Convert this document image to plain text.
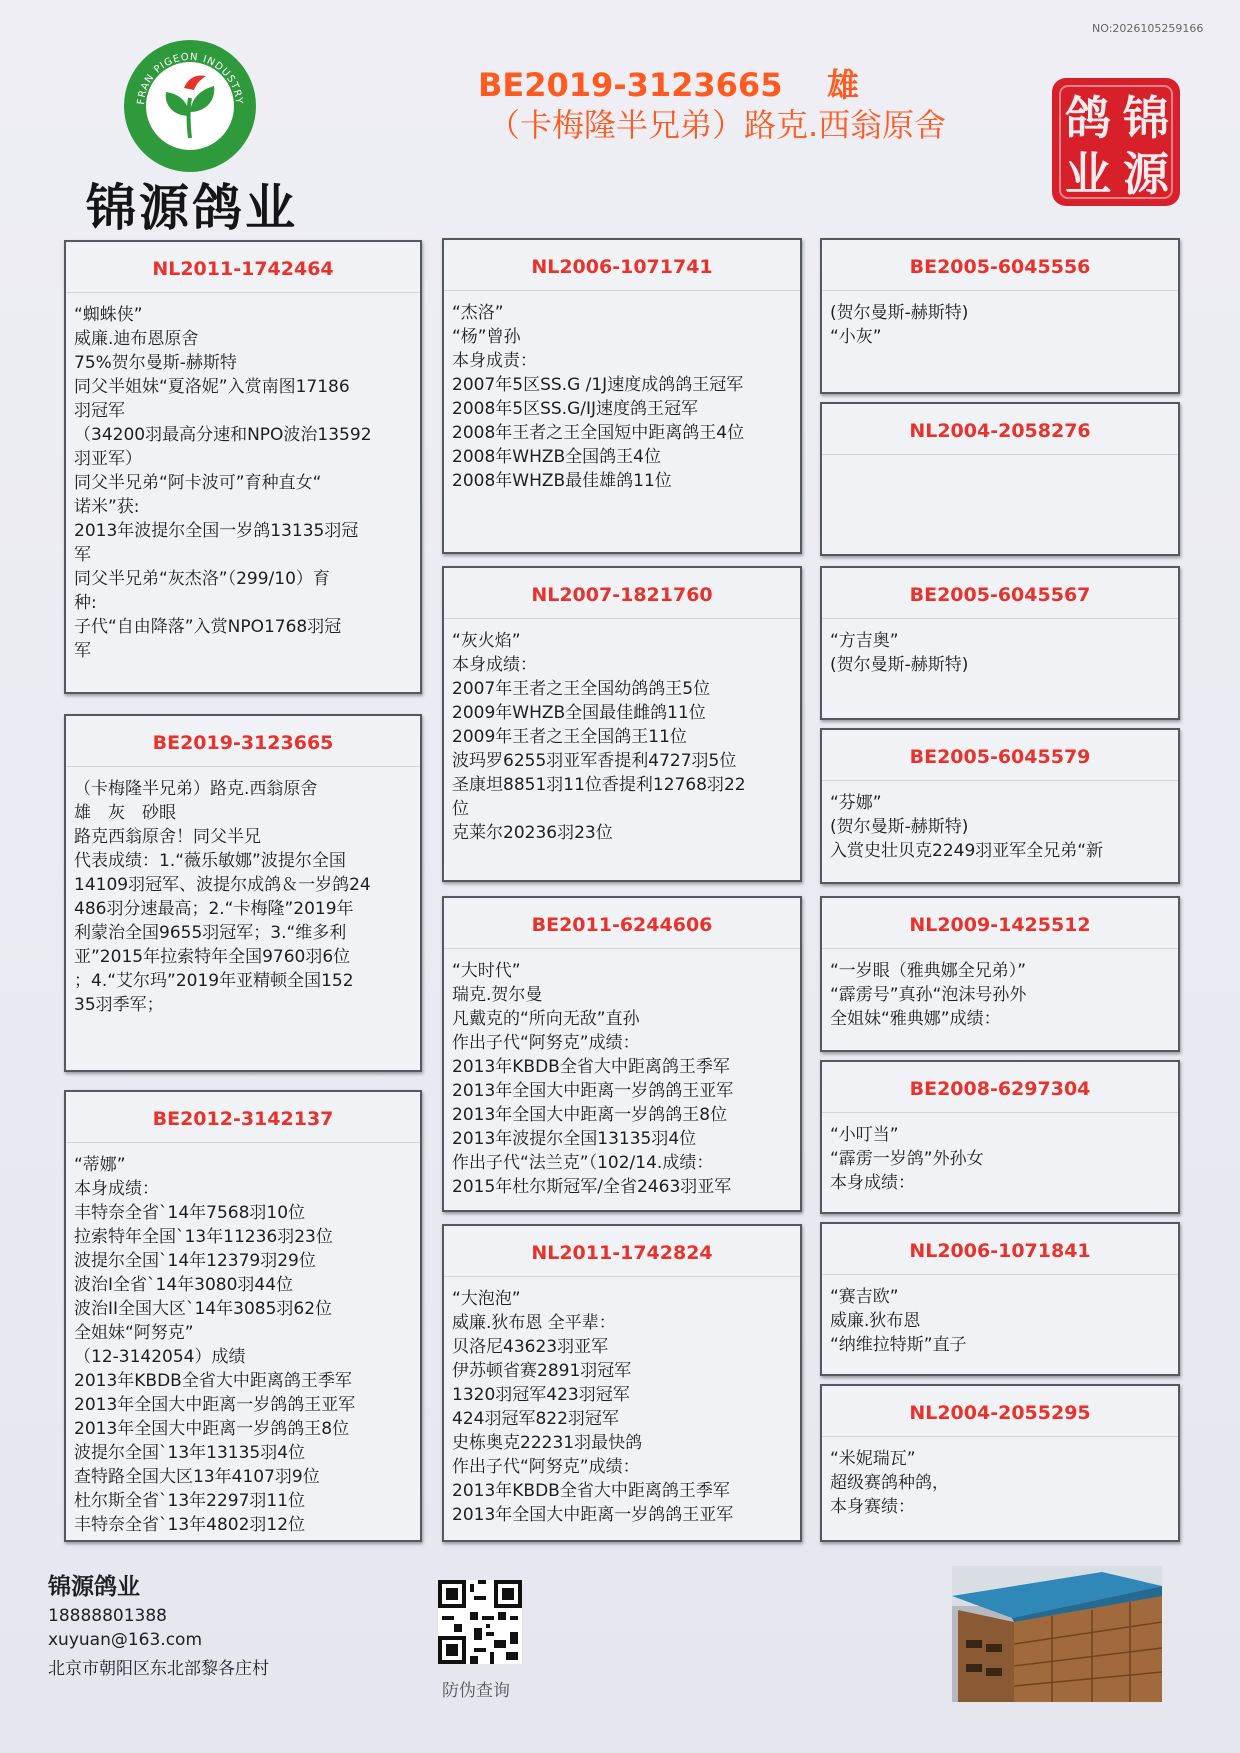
NO:2026105259166
FRAN PIGEON INDUSTRY
FENGYUAN
锦源鸽业
BE2019-3123665 雄
（卡梅隆半兄弟）路克.西翁原舍	锦
源
鸽
业
NL2011-1742464
“蜘蛛侠”
威廉.迪布恩原舍
75%贺尔曼斯-赫斯特
同父半姐妹“夏洛妮”入赏南图17186
羽冠军
（34200羽最高分速和NPO波治13592
羽亚军）
同父半兄弟“阿卡波可”育种直女“
诺米”获:
2013年波提尔全国一岁鸽13135羽冠
军
同父半兄弟“灰杰洛”（299/10）育
种:
子代“自由降落”入赏NPO1768羽冠
军
BE2019-3123665
（卡梅隆半兄弟）路克.西翁原舍
雄　灰　砂眼
路克西翁原舍！同父半兄
代表成绩：1.“薇乐敏娜”波提尔全国
14109羽冠军、波提尔成鸽＆一岁鸽24
486羽分速最高；2.“卡梅隆”2019年
利蒙治全国9655羽冠军；3.“维多利
亚”2015年拉索特年全国9760羽6位
；4.“艾尔玛”2019年亚精顿全国152
35羽季军；
BE2012-3142137
“蒂娜”
本身成绩：
丰特奈全省`14年7568羽10位
拉索特年全国`13年11236羽23位
波提尔全国`14年12379羽29位
波治I全省`14年3080羽44位
波治II全国大区`14年3085羽62位
全姐妹“阿努克”
（12-3142054）成绩
2013年KBDB全省大中距离鸽王季军
2013年全国大中距离一岁鸽鸽王亚军
2013年全国大中距离一岁鸽鸽王8位
波提尔全国`13年13135羽4位
查特路全国大区13年4107羽9位
杜尔斯全省`13年2297羽11位
丰特奈全省`13年4802羽12位
NL2006-1071741
“杰洛”
“杨”曾孙
本身成责：
2007年5区SS.G /1J速度成鸽鸽王冠军
2008年5区SS.G/IJ速度鸽王冠军
2008年王者之王全国短中距离鸽王4位
2008年WHZB全国鸽王4位
2008年WHZB最佳雄鸽11位
NL2007-1821760
“灰火焰”
本身成绩：
2007年王者之王全国幼鸽鸽王5位
2009年WHZB全国最佳雌鸽11位
2009年王者之王全国鸽王11位
波玛罗6255羽亚军香提利4727羽5位
圣康坦8851羽11位香提利12768羽22
位
克莱尔20236羽23位
BE2011-6244606
“大时代”
瑞克.贺尔曼
凡戴克的“所向无敌”直孙
作出子代“阿努克”成绩：
2013年KBDB全省大中距离鸽王季军
2013年全国大中距离一岁鸽鸽王亚军
2013年全国大中距离一岁鸽鸽王8位
2013年波提尔全国13135羽4位
作出子代“法兰克”（102/14.成绩：
2015年杜尔斯冠军/全省2463羽亚军
NL2011-1742824
“大泡泡”
威廉.狄布恩 全平辈：
贝洛尼43623羽亚军
伊苏顿省赛2891羽冠军
1320羽冠军423羽冠军
424羽冠军822羽冠军
史栋奥克22231羽最快鸽
作出子代“阿努克”成绩：
2013年KBDB全省大中距离鸽王季军
2013年全国大中距离一岁鸽鸽王亚军
BE2005-6045556
(贺尔曼斯-赫斯特)
“小灰”
NL2004-2058276
BE2005-6045567
“方吉奥”
(贺尔曼斯-赫斯特)
BE2005-6045579
“芬娜”
(贺尔曼斯-赫斯特)
入赏史壮贝克2249羽亚军全兄弟“新
NL2009-1425512
“一岁眼（雅典娜全兄弟）”
“霹雳号”真孙“泡沫号孙外
全姐妹“雅典娜”成绩：
BE2008-6297304
“小叮当”
“霹雳一岁鸽”外孙女
本身成绩：
NL2006-1071841
“赛吉欧”
威廉.狄布恩
“纳维拉特斯”直子
NL2004-2055295
“米妮瑞瓦”
超级赛鸽种鸽，
本身赛绩：
锦源鸽业
18888801388
xuyuan@163.com
北京市朝阳区东北部黎各庄村
防伪查询
